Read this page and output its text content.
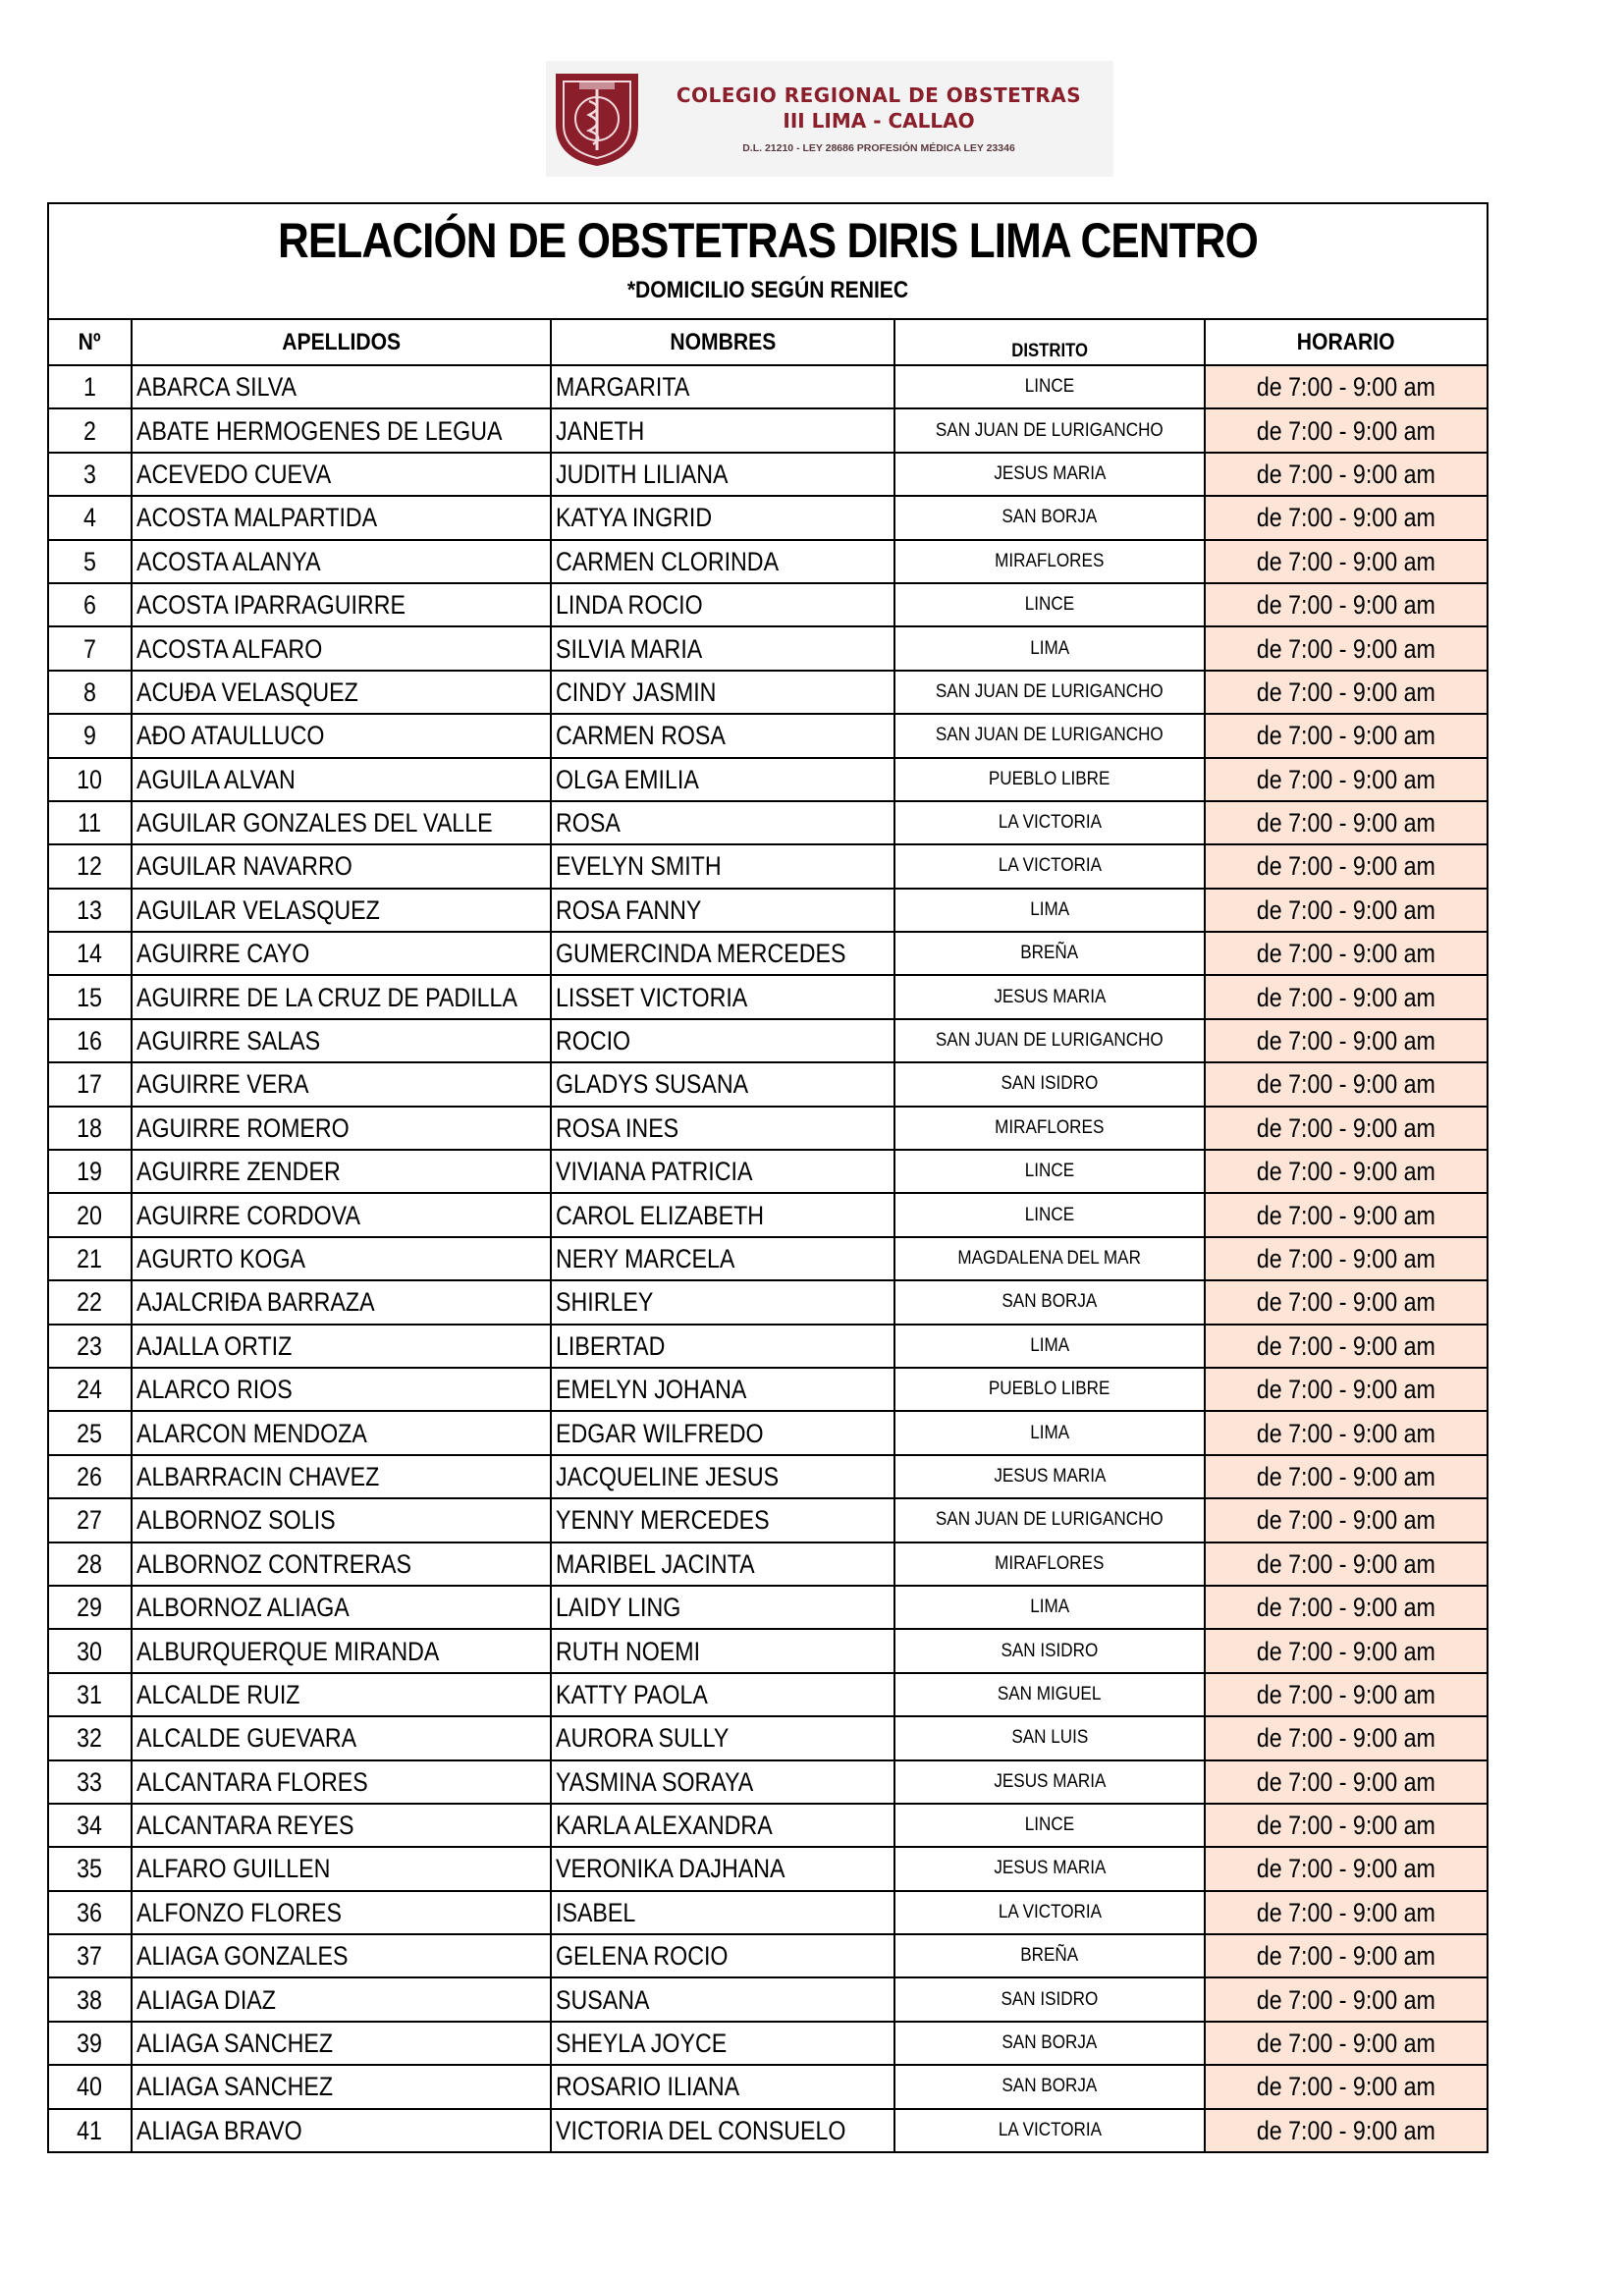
COLEGIO REGIONAL DE OBSTETRAS
III LIMA - CALLAO
D.L. 21210 - LEY 28686 PROFESIÓN MÉDICA LEY 23346
RELACIÓN DE OBSTETRAS DIRIS LIMA CENTRO
*DOMICILIO SEGÚN RENIEC
Nº	APELLIDOS	NOMBRES	DISTRITO	HORARIO
1	ABARCA SILVA	MARGARITA	LINCE	de 7:00 - 9:00 am
2	ABATE HERMOGENES DE LEGUA	JANETH	SAN JUAN DE LURIGANCHO	de 7:00 - 9:00 am
3	ACEVEDO CUEVA	JUDITH LILIANA	JESUS MARIA	de 7:00 - 9:00 am
4	ACOSTA MALPARTIDA	KATYA INGRID	SAN BORJA	de 7:00 - 9:00 am
5	ACOSTA ALANYA	CARMEN CLORINDA	MIRAFLORES	de 7:00 - 9:00 am
6	ACOSTA IPARRAGUIRRE	LINDA ROCIO	LINCE	de 7:00 - 9:00 am
7	ACOSTA ALFARO	SILVIA MARIA	LIMA	de 7:00 - 9:00 am
8	ACUÐA VELASQUEZ	CINDY JASMIN	SAN JUAN DE LURIGANCHO	de 7:00 - 9:00 am
9	AÐO ATAULLUCO	CARMEN ROSA	SAN JUAN DE LURIGANCHO	de 7:00 - 9:00 am
10	AGUILA ALVAN	OLGA EMILIA	PUEBLO LIBRE	de 7:00 - 9:00 am
11	AGUILAR GONZALES DEL VALLE	ROSA	LA VICTORIA	de 7:00 - 9:00 am
12	AGUILAR NAVARRO	EVELYN SMITH	LA VICTORIA	de 7:00 - 9:00 am
13	AGUILAR VELASQUEZ	ROSA FANNY	LIMA	de 7:00 - 9:00 am
14	AGUIRRE CAYO	GUMERCINDA MERCEDES	BREÑA	de 7:00 - 9:00 am
15	AGUIRRE DE LA CRUZ DE PADILLA	LISSET VICTORIA	JESUS MARIA	de 7:00 - 9:00 am
16	AGUIRRE SALAS	ROCIO	SAN JUAN DE LURIGANCHO	de 7:00 - 9:00 am
17	AGUIRRE VERA	GLADYS SUSANA	SAN ISIDRO	de 7:00 - 9:00 am
18	AGUIRRE ROMERO	ROSA INES	MIRAFLORES	de 7:00 - 9:00 am
19	AGUIRRE ZENDER	VIVIANA PATRICIA	LINCE	de 7:00 - 9:00 am
20	AGUIRRE CORDOVA	CAROL ELIZABETH	LINCE	de 7:00 - 9:00 am
21	AGURTO KOGA	NERY MARCELA	MAGDALENA DEL MAR	de 7:00 - 9:00 am
22	AJALCRIÐA BARRAZA	SHIRLEY	SAN BORJA	de 7:00 - 9:00 am
23	AJALLA ORTIZ	LIBERTAD	LIMA	de 7:00 - 9:00 am
24	ALARCO RIOS	EMELYN JOHANA	PUEBLO LIBRE	de 7:00 - 9:00 am
25	ALARCON MENDOZA	EDGAR WILFREDO	LIMA	de 7:00 - 9:00 am
26	ALBARRACIN CHAVEZ	JACQUELINE JESUS	JESUS MARIA	de 7:00 - 9:00 am
27	ALBORNOZ SOLIS	YENNY MERCEDES	SAN JUAN DE LURIGANCHO	de 7:00 - 9:00 am
28	ALBORNOZ CONTRERAS	MARIBEL JACINTA	MIRAFLORES	de 7:00 - 9:00 am
29	ALBORNOZ ALIAGA	LAIDY LING	LIMA	de 7:00 - 9:00 am
30	ALBURQUERQUE MIRANDA	RUTH NOEMI	SAN ISIDRO	de 7:00 - 9:00 am
31	ALCALDE RUIZ	KATTY PAOLA	SAN MIGUEL	de 7:00 - 9:00 am
32	ALCALDE GUEVARA	AURORA SULLY	SAN LUIS	de 7:00 - 9:00 am
33	ALCANTARA FLORES	YASMINA SORAYA	JESUS MARIA	de 7:00 - 9:00 am
34	ALCANTARA REYES	KARLA ALEXANDRA	LINCE	de 7:00 - 9:00 am
35	ALFARO GUILLEN	VERONIKA DAJHANA	JESUS MARIA	de 7:00 - 9:00 am
36	ALFONZO FLORES	ISABEL	LA VICTORIA	de 7:00 - 9:00 am
37	ALIAGA GONZALES	GELENA ROCIO	BREÑA	de 7:00 - 9:00 am
38	ALIAGA DIAZ	SUSANA	SAN ISIDRO	de 7:00 - 9:00 am
39	ALIAGA SANCHEZ	SHEYLA JOYCE	SAN BORJA	de 7:00 - 9:00 am
40	ALIAGA SANCHEZ	ROSARIO ILIANA	SAN BORJA	de 7:00 - 9:00 am
41	ALIAGA BRAVO	VICTORIA DEL CONSUELO	LA VICTORIA	de 7:00 - 9:00 am
